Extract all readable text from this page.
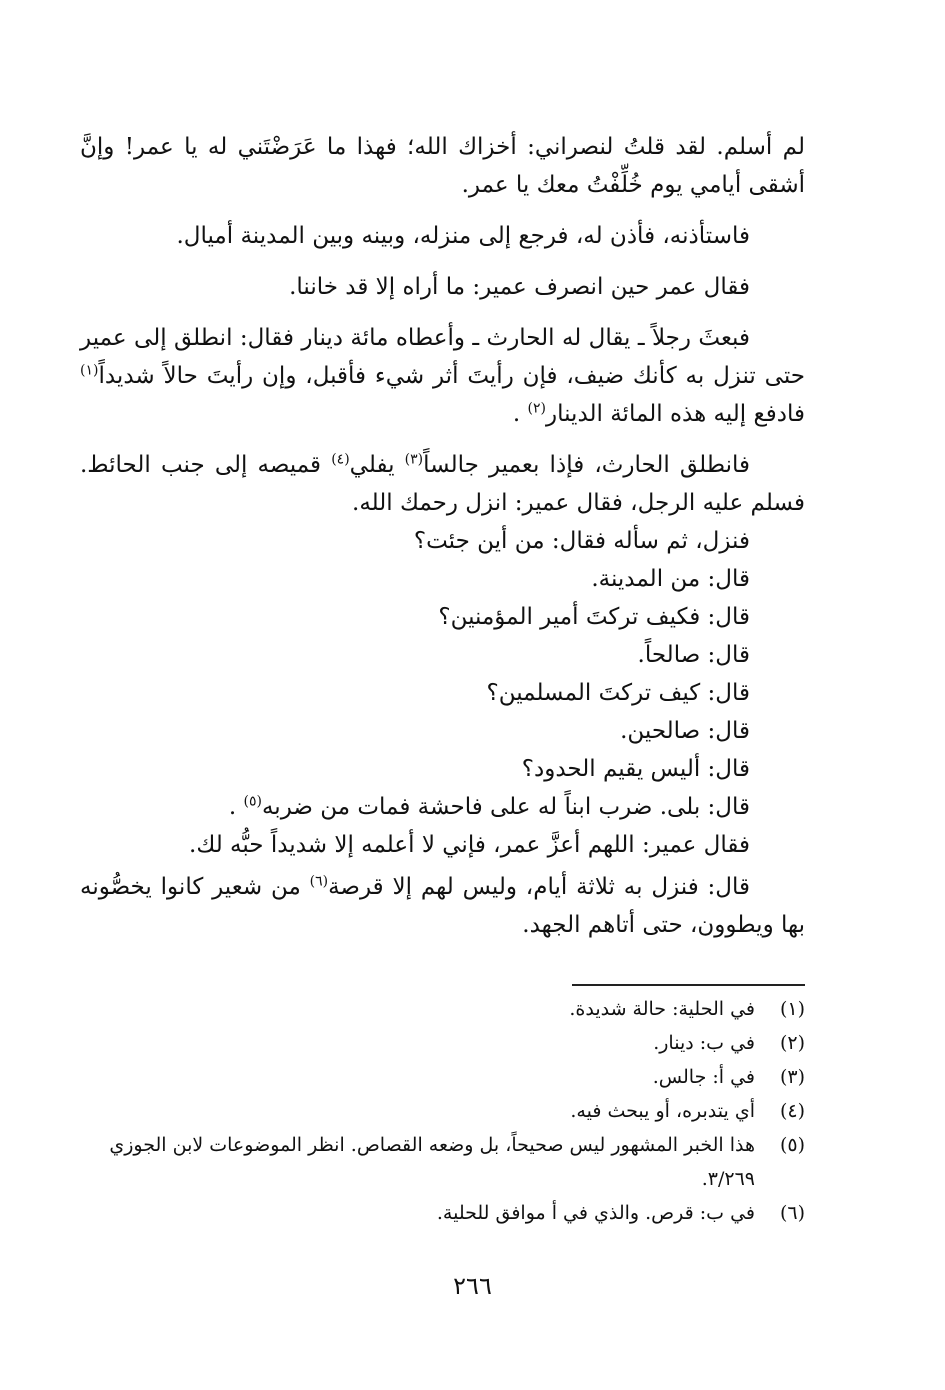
لم أسلم. لقد قلتُ لنصراني: أخزاك الله؛ فهذا ما عَرَضْتَني له يا عمر! وإنَّ أشقى أيامي يوم خُلِّفْتُ معك يا عمر.

فاستأذنه، فأذن له، فرجع إلى منزله، وبينه وبين المدينة أميال.

فقال عمر حين انصرف عمير: ما أراه إلا قد خاننا.

فبعثَ رجلاً ـ يقال له الحارث ـ وأعطاه مائة دينار فقال: انطلق إلى عمير حتى تنزل به كأنك ضيف، فإن رأيتَ أثر شيء فأقبل، وإن رأيتَ حالاً شديداً$^{(١)}$ فادفع إليه هذه المائة الدينار$^{(٢)}$ .

فانطلق الحارث، فإذا بعمير جالساً$^{(٣)}$ يفلي$^{(٤)}$ قميصه إلى جنب الحائط. فسلم عليه الرجل، فقال عمير: انزل رحمك الله.

فنزل، ثم سأله فقال: من أين جئت؟

قال: من المدينة.

قال: فكيف تركتَ أمير المؤمنين؟

قال: صالحاً.

قال: كيف تركتَ المسلمين؟

قال: صالحين.

قال: أليس يقيم الحدود؟

قال: بلى. ضرب ابناً له على فاحشة فمات من ضربه$^{(٥)}$ .

فقال عمير: اللهم أعزَّ عمر، فإني لا أعلمه إلا شديداً حبُّه لك.

قال: فنزل به ثلاثة أيام، وليس لهم إلا قرصة$^{(٦)}$ من شعير كانوا يخصُّونه بها ويطوون، حتى أتاهم الجهد.

(١)
في الحلية: حالة شديدة.

(٢)
في ب: دينار.

(٣)
في أ: جالس.

(٤)
أي يتدبره، أو يبحث فيه.

(٥)
هذا الخبر المشهور ليس صحيحاً، بل وضعه القصاص. انظر الموضوعات لابن الجوزي ٣/٢٦٩.

(٦)
في ب: قرص. والذي في أ موافق للحلية.

٢٦٦
